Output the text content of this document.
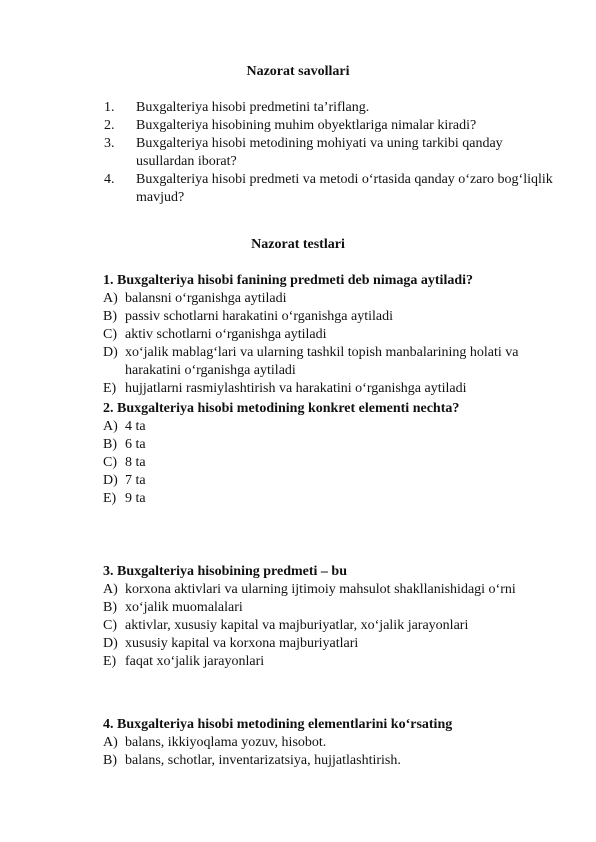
Nazorat savollari
1.	Buxgalteriya hisobi predmetini ta’riflang.
2.	Buxgalteriya hisobining muhim obyektlariga nimalar kiradi?
3.	Buxgalteriya hisobi metodining mohiyati va uning tarkibi qanday usullardan iborat?
4.	Buxgalteriya hisobi predmeti va metodi o‘rtasida qanday o‘zaro bog‘liqlik mavjud?
Nazorat testlari
1. Buxgalteriya hisobi fanining predmeti deb nimaga aytiladi?
A) balansni o‘rganishga aytiladi
B) passiv schotlarni harakatini o‘rganishga aytiladi
C) aktiv schotlarni o‘rganishga aytiladi
D) xo‘jalik mablag‘lari va ularning tashkil topish manbalarining holati va harakatini o‘rganishga aytiladi
E) hujjatlarni rasmiylashtirish va harakatini o‘rganishga aytiladi
2. Buxgalteriya hisobi metodining konkret elementi nechta?
A) 4 ta
B) 6 ta
C) 8 ta
D) 7 ta
E) 9 ta
3. Buxgalteriya hisobining predmeti – bu
A) korxona aktivlari va ularning ijtimoiy mahsulot shakllanishidagi o‘rni
B) xo‘jalik muomalalari
C) aktivlar, xususiy kapital va majburiyatlar, xo‘jalik jarayonlari
D) xususiy kapital va korxona majburiyatlari
E) faqat xo‘jalik jarayonlari
4. Buxgalteriya hisobi metodining elementlarini ko‘rsating
A) balans, ikkiyoqlama yozuv, hisobot.
B) balans, schotlar, inventarizatsiya, hujjatlashtirish.
